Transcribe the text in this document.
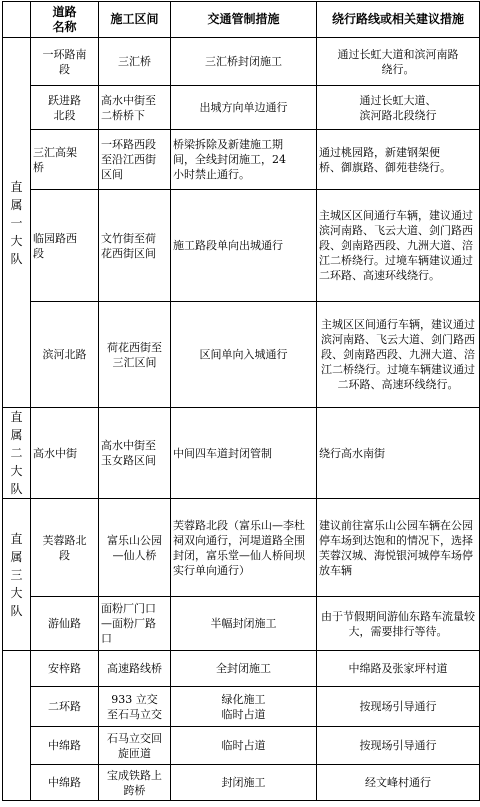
	道路
名称	施工区间	交通管制措施	绕行路线或相关建议措施
直
属
一
大
队	一环路南
段	三汇桥	三汇桥封闭施工	通过长虹大道和滨河南路
绕行。
	跃进路
北段	高水中街至
二桥桥下	出城方向单边通行	通过长虹大道、
滨河路北段绕行
	三汇高架
桥	一环路西段
至沿江西街
区间	桥梁拆除及新建施工期
间，全线封闭施工，24
小时禁止通行。	通过桃园路，新建钢架便
桥、御旗路、御苑巷绕行。
	临园路西
段	文竹街至荷
花西街区间	施工路段单向出城通行	主城区区间通行车辆，建议通过滨河南路、飞云大道、剑门路西段、剑南路西段、九洲大道、涪江二桥绕行。过境车辆建议通过二环路、高速环线绕行。
	滨河北路	荷花西街至
三汇区间	区间单向入城通行	主城区区间通行车辆，建议通过滨河南路、飞云大道、剑门路西段、剑南路西段、九洲大道、涪江二桥绕行。过境车辆建议通过二环路、高速环线绕行。
直
属
二
大
队	高水中街	高水中街至
玉女路区间	中间四车道封闭管制	绕行高水南街
直
属
三
大
队	芙蓉路北
段	富乐山公园
—仙人桥	芙蓉路北段（富乐山—李杜祠双向通行，河堤道路全围封闭，富乐堂—仙人桥间坝实行单向通行）	建议前往富乐山公园车辆在公园停车场到达饱和的情况下，选择芙蓉汉城、海悦银河城停车场停放车辆
	游仙路	面粉厂门口
—面粉厂路
口	半幅封闭施工	由于节假期间游仙东路车流量较大，需要排行等待。
	安梓路	高速路线桥	全封闭施工	中绵路及张家坪村道
	二环路	933 立交
至石马立交	绿化施工
临时占道	按现场引导通行
	中绵路	石马立交回
旋匝道	临时占道	按现场引导通行
	中绵路	宝成铁路上
跨桥	封闭施工	经文峰村通行
